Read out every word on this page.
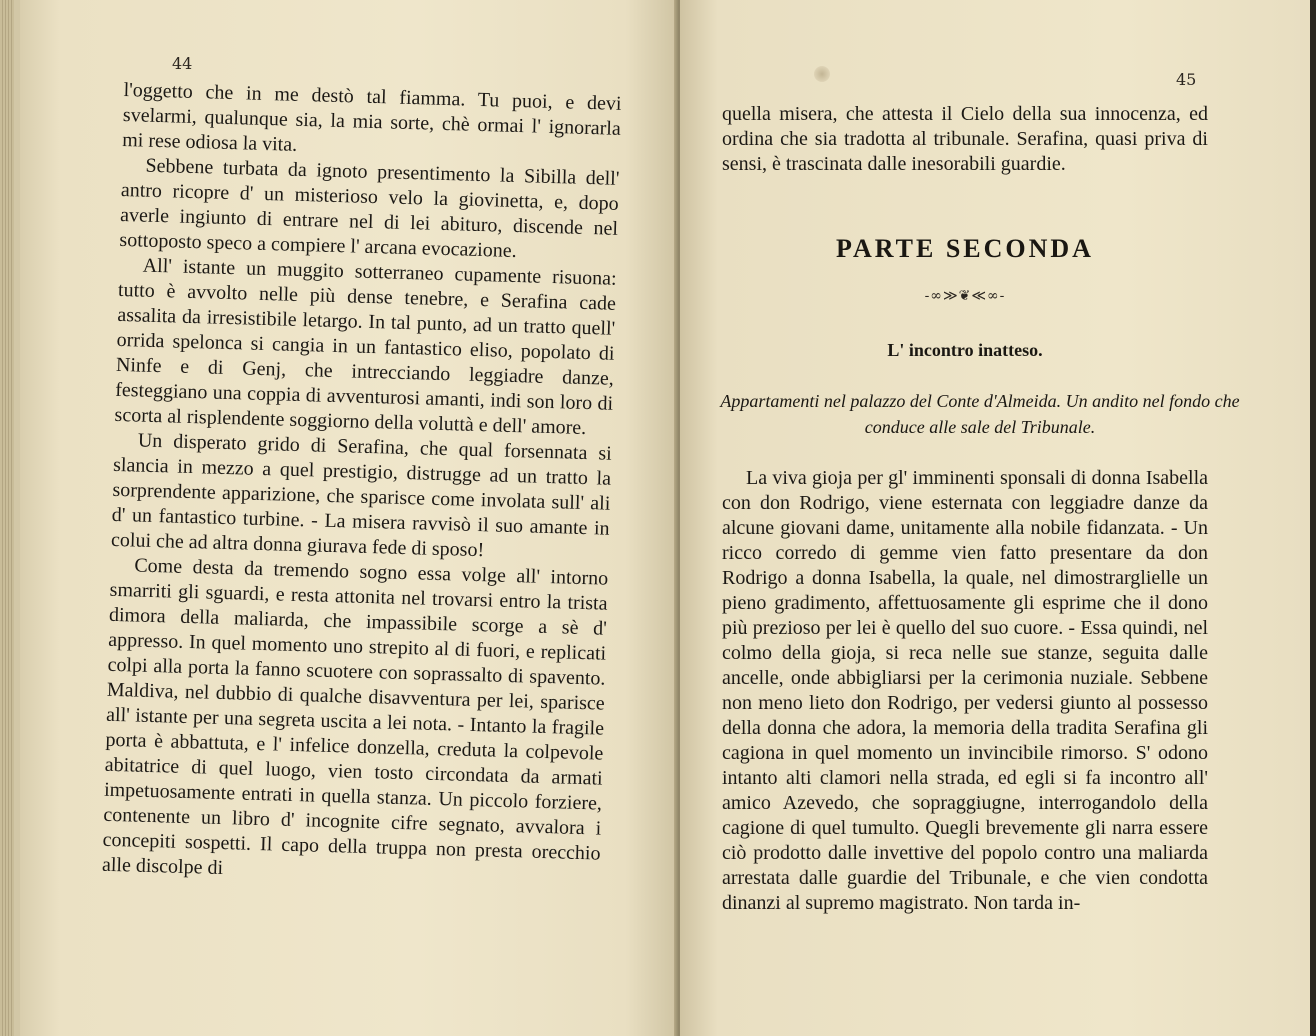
44

l'oggetto che in me destò tal fiamma. Tu puoi, e devi svelarmi, qualunque sia, la mia sorte, chè ormai l' ignorarla mi rese odiosa la vita.

Sebbene turbata da ignoto presentimento la Sibilla dell' antro ricopre d' un misterioso velo la giovinetta, e, dopo averle ingiunto di entrare nel di lei abituro, discende nel sottoposto speco a compiere l' arcana evocazione.

All' istante un muggito sotterraneo cupamente risuona: tutto è avvolto nelle più dense tenebre, e Serafina cade assalita da irresistibile letargo. In tal punto, ad un tratto quell' orrida spelonca si cangia in un fantastico eliso, popolato di Ninfe e di Genj, che intrecciando leggiadre danze, festeggiano una coppia di avventurosi amanti, indi son loro di scorta al risplendente soggiorno della voluttà e dell' amore.

Un disperato grido di Serafina, che qual forsennata si slancia in mezzo a quel prestigio, distrugge ad un tratto la sorprendente apparizione, che sparisce come involata sull' ali d' un fantastico turbine. - La misera ravvisò il suo amante in colui che ad altra donna giurava fede di sposo!

Come desta da tremendo sogno essa volge all' intorno smarriti gli sguardi, e resta attonita nel trovarsi entro la trista dimora della maliarda, che impassibile scorge a sè d' appresso. In quel momento uno strepito al di fuori, e replicati colpi alla porta la fanno scuotere con soprassalto di spavento. Maldiva, nel dubbio di qualche disavventura per lei, sparisce all' istante per una segreta uscita a lei nota. - Intanto la fragile porta è abbattuta, e l' infelice donzella, creduta la colpevole abitatrice di quel luogo, vien tosto circondata da armati impetuosamente entrati in quella stanza. Un piccolo forziere, contenente un libro d' incognite cifre segnato, avvalora i concepiti sospetti. Il capo della truppa non presta orecchio alle discolpe di

45

quella misera, che attesta il Cielo della sua innocenza, ed ordina che sia tradotta al tribunale. Serafina, quasi priva di sensi, è trascinata dalle inesorabili guardie.

PARTE SECONDA
-∞≫❦≪∞-
L' incontro inatteso.
Appartamenti nel palazzo del Conte d'Almeida. Un andito nel fondo che conduce alle sale del Tribunale.

La viva gioja per gl' imminenti sponsali di donna Isabella con don Rodrigo, viene esternata con leggiadre danze da alcune giovani dame, unitamente alla nobile fidanzata. - Un ricco corredo di gemme vien fatto presentare da don Rodrigo a donna Isabella, la quale, nel dimostrarglielle un pieno gradimento, affettuosamente gli esprime che il dono più prezioso per lei è quello del suo cuore. - Essa quindi, nel colmo della gioja, si reca nelle sue stanze, seguita dalle ancelle, onde abbigliarsi per la cerimonia nuziale. Sebbene non meno lieto don Rodrigo, per vedersi giunto al possesso della donna che adora, la memoria della tradita Serafina gli cagiona in quel momento un invincibile rimorso. S' odono intanto alti clamori nella strada, ed egli si fa incontro all' amico Azevedo, che sopraggiugne, interrogandolo della cagione di quel tumulto. Quegli brevemente gli narra essere ciò prodotto dalle invettive del popolo contro una maliarda arrestata dalle guardie del Tribunale, e che vien condotta dinanzi al supremo magistrato. Non tarda in-
